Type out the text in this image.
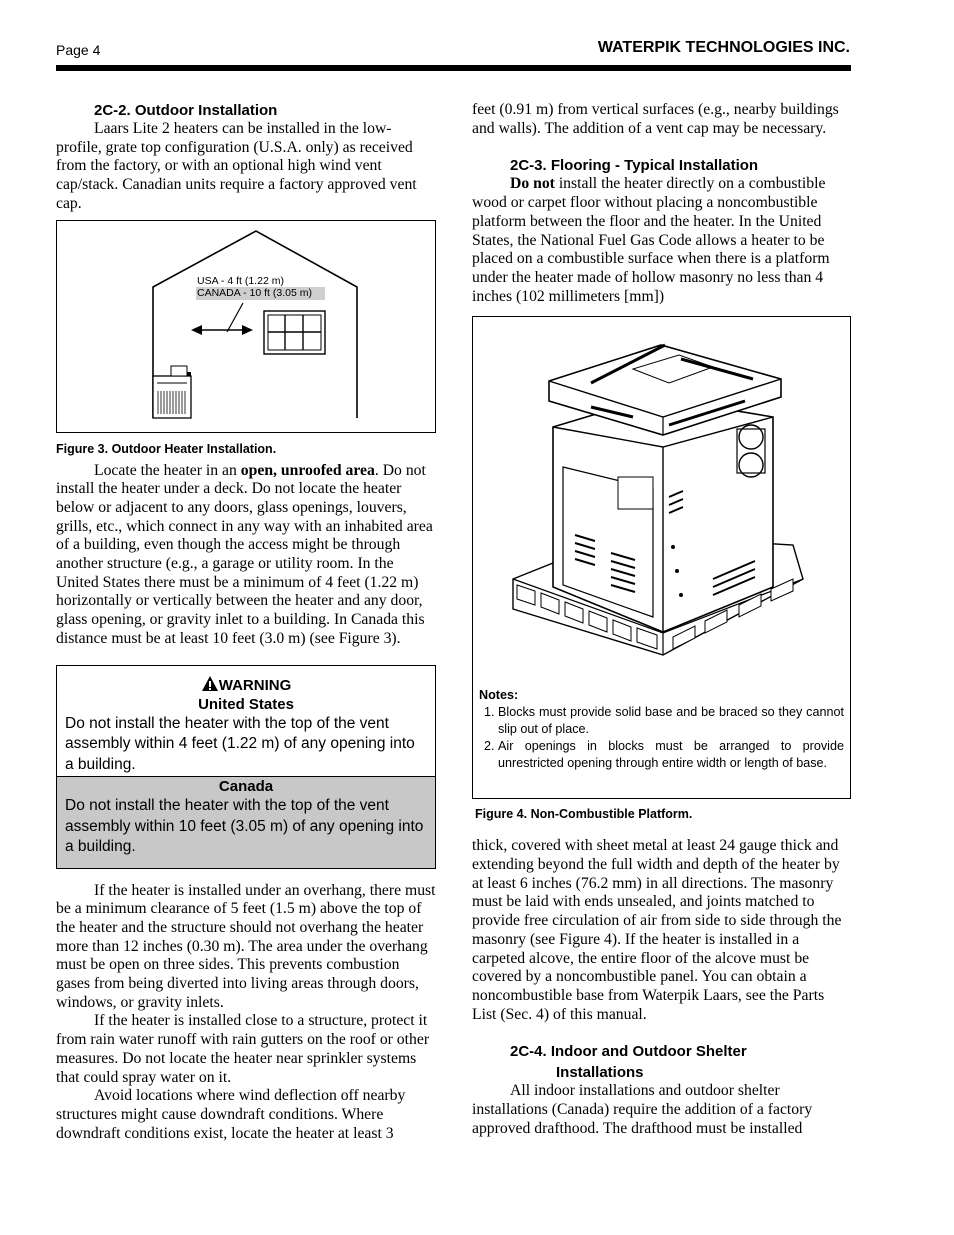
Page 4	WATERPIK TECHNOLOGIES INC.
2C-2. Outdoor Installation

Laars Lite 2 heaters can be installed in the low-profile, grate top configuration (U.S.A. only) as received from the factory, or with an optional high wind vent cap/stack. Canadian units require a factory approved vent cap.

USA - 4 ft (1.22 m)
CANADA - 10 ft (3.05 m)
Figure 3. Outdoor Heater Installation.

Locate the heater in an open, unroofed area. Do not install the heater under a deck. Do not locate the heater below or adjacent to any doors, glass openings, louvers, grills, etc., which connect in any way with an inhabited area of a building, even though the access might be through another structure (e.g., a garage or utility room. In the United States there must be a minimum of 4 feet (1.22 m) horizontally or vertically between the heater and any door, glass opening, or gravity inlet to a building. In Canada this distance must be at least 10 feet (3.0 m) (see Figure 3).

WARNING
United States
Do not install the heater with the top of the vent assembly within 4 feet (1.22 m) of any opening into a building.
Canada
Do not install the heater with the top of the vent assembly within 10 feet (3.05 m) of any opening into a building.

If the heater is installed under an overhang, there must be a minimum clearance of 5 feet (1.5 m) above the top of the heater and the structure should not overhang the heater more than 12 inches (0.30 m). The area under the overhang must be open on three sides. This prevents combustion gases from being diverted into living areas through doors, windows, or gravity inlets.

If the heater is installed close to a structure, protect it from rain water runoff with rain gutters on the roof or other measures. Do not locate the heater near sprinkler systems that could spray water on it.

Avoid locations where wind deflection off nearby structures might cause downdraft conditions. Where downdraft conditions exist, locate the heater at least 3

feet (0.91 m) from vertical surfaces (e.g., nearby buildings and walls). The addition of a vent cap may be necessary.

2C-3. Flooring - Typical Installation

Do not install the heater directly on a combustible wood or carpet floor without placing a noncombustible platform between the floor and the heater. In the United States, the National Fuel Gas Code allows a heater to be placed on a combustible surface when there is a platform under the heater made of hollow masonry no less than 4 inches (102 millimeters [mm])

Notes:
1. Blocks must provide solid base and be braced so they cannot slip out of place.
2. Air openings in blocks must be arranged to provide unrestricted opening through entire width or length of base.
Figure 4. Non-Combustible Platform.

thick, covered with sheet metal at least 24 gauge thick and extending beyond the full width and depth of the heater by at least 6 inches (76.2 mm) in all directions. The masonry must be laid with ends unsealed, and joints matched to provide free circulation of air from side to side through the masonry (see Figure 4). If the heater is installed in a carpeted alcove, the entire floor of the alcove must be covered by a noncombustible panel. You can obtain a noncombustible base from Waterpik Laars, see the Parts List (Sec. 4) of this manual.

2C-4. Indoor and Outdoor Shelter
Installations

All indoor installations and outdoor shelter installations (Canada) require the addition of a factory approved drafthood. The drafthood must be installed
